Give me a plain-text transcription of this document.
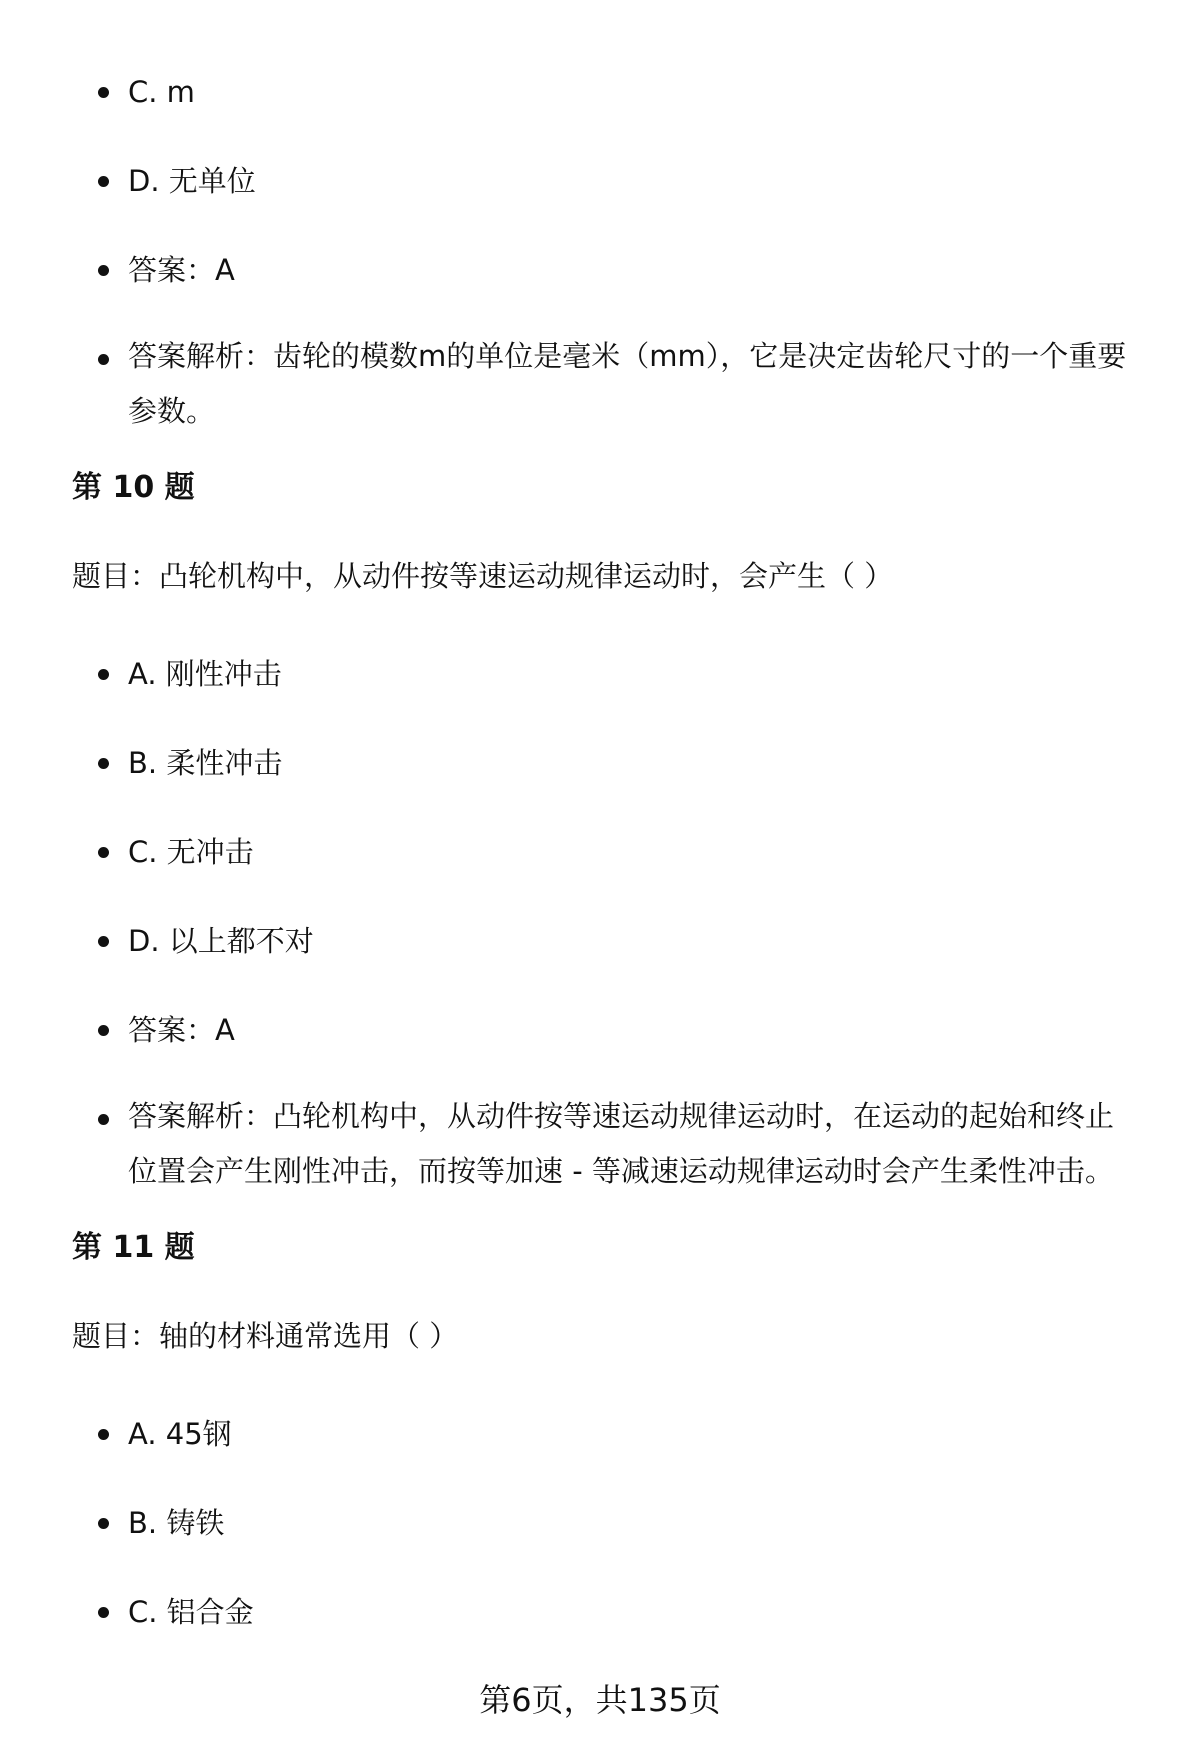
C. m
D. 无单位
答案：A
答案解析：齿轮的模数m的单位是毫米（mm），它是决定齿轮尺寸的一个重要参数。
第 10 题
题目：凸轮机构中，从动件按等速运动规律运动时，会产生（ ）
A. 刚性冲击
B. 柔性冲击
C. 无冲击
D. 以上都不对
答案：A
答案解析：凸轮机构中，从动件按等速运动规律运动时，在运动的起始和终止位置会产生刚性冲击，而按等加速 - 等减速运动规律运动时会产生柔性冲击。
第 11 题
题目：轴的材料通常选用（ ）
A. 45钢
B. 铸铁
C. 铝合金
第6页，共135页
